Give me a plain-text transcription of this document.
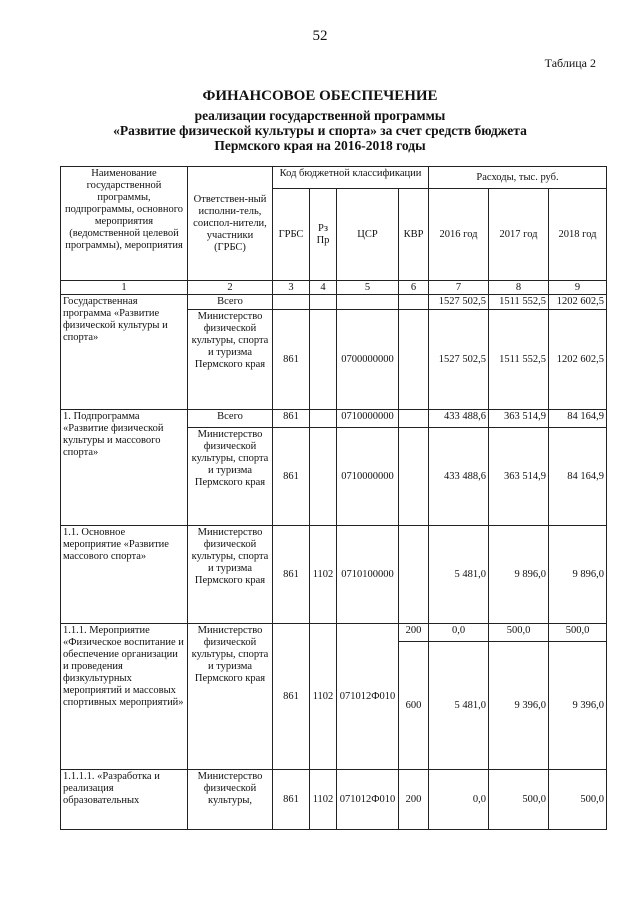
52
Таблица 2
ФИНАНСОВОЕ ОБЕСПЕЧЕНИЕ
реализации государственной программы
«Развитие физической культуры и спорта» за счет средств бюджета
Пермского края на 2016-2018 годы
Наименование государственной программы, подпрограммы, основного мероприятия (ведомственной целевой программы), мероприятия	Ответствен-ный исполни-тель, соиспол-нители, участники (ГРБС)	Код бюджетной классификации				Расходы, тыс. руб.		
		ГРБС	Рз Пр	ЦСР	КВР	2016 год	2017 год	2018 год
1	2	3	4	5	6	7	8	9
Государственная программа «Развитие физической культуры и спорта»	Всего					1527 502,5	1511 552,5	1202 602,5
	Министерство физической культуры, спорта и туризма Пермского края	861		0700000000		1527 502,5	1511 552,5	1202 602,5
1. Подпрограмма «Развитие физической культуры и массового спорта»	Всего	861		0710000000		433 488,6	363 514,9	84 164,9
	Министерство физической культуры, спорта и туризма Пермского края	861		0710000000		433 488,6	363 514,9	84 164,9
1.1. Основное мероприятие «Развитие массового спорта»	Министерство физической культуры, спорта и туризма Пермского края	861	1102	0710100000		5 481,0	9 896,0	9 896,0
1.1.1. Мероприятие «Физическое воспитание и обеспечение организации и проведения физкультурных мероприятий и массовых спортивных мероприятий»	Министерство физической культуры, спорта и туризма Пермского края	861	1102	071012Ф010	200	0,0	500,0	500,0
					600	5 481,0	9 396,0	9 396,0
1.1.1.1. «Разработка и реализация образовательных	Министерство физической культуры,	861	1102	071012Ф010	200	0,0	500,0	500,0
